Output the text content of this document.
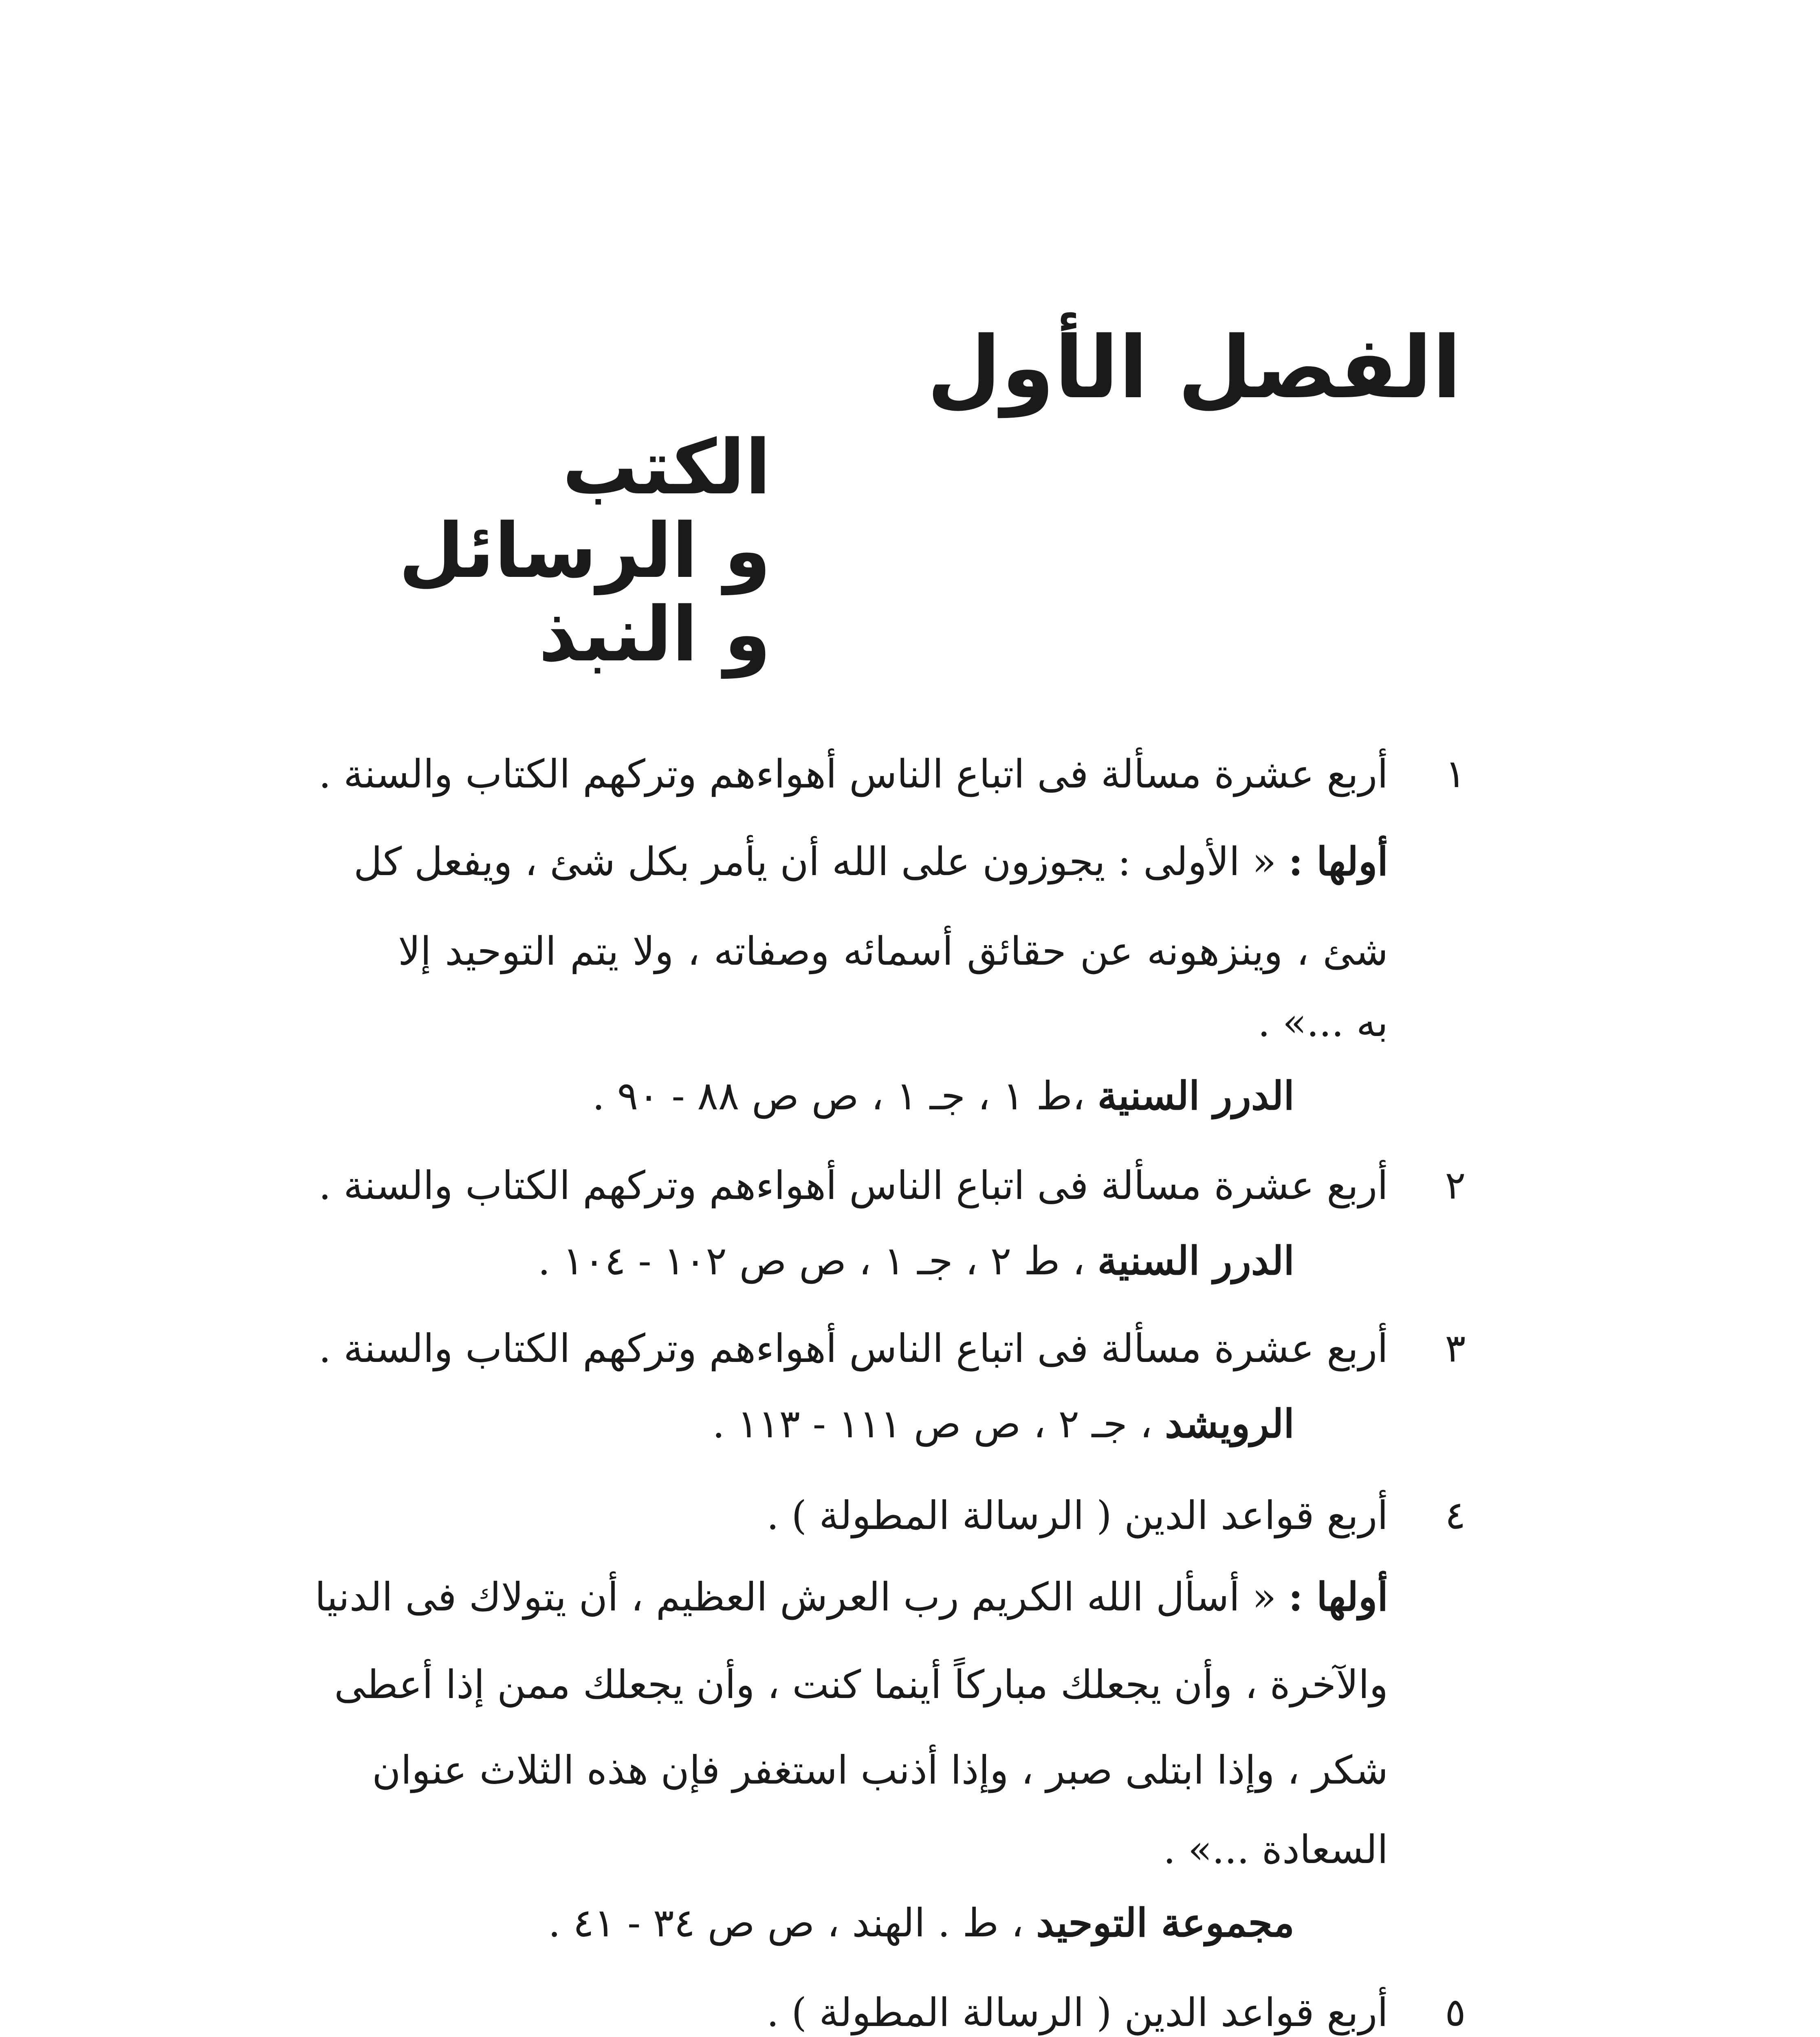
الفصل الأول
الكتب
و الرسائل
و النبذ
١
أربع عشرة مسألة فى اتباع الناس أهواءهم وتركهم الكتاب والسنة .
أولها :« الأولى : يجوزون على الله أن يأمر بكل شئ ، ويفعل كل
شئ ، وينزهونه عن حقائق أسمائه وصفاته ، ولا يتم التوحيد إلا
به ...» .
الدرر السنية ،ط ١ ، جـ ١ ، ص ص ٨٨ - ٩٠ .
٢
أربع عشرة مسألة فى اتباع الناس أهواءهم وتركهم الكتاب والسنة .
الدرر السنية ، ط ٢ ، جـ ١ ، ص ص ١٠٢ - ١٠٤ .
٣
أربع عشرة مسألة فى اتباع الناس أهواءهم وتركهم الكتاب والسنة .
الرويشد ، جـ ٢ ، ص ص ١١١ - ١١٣ .
٤
أربع قواعد الدين ( الرسالة المطولة ) .
أولها :« أسأل الله الكريم رب العرش العظيم ، أن يتولاك فى الدنيا
والآخرة ، وأن يجعلك مباركاً أينما كنت ، وأن يجعلك ممن إذا أعطى
شكر ، وإذا ابتلى صبر ، وإذا أذنب استغفر فإن هذه الثلاث عنوان
السعادة ...» .
مجموعة التوحيد ، ط . الهند ، ص ص ٣٤ - ٤١ .
٥
أربع قواعد الدين ( الرسالة المطولة ) .
